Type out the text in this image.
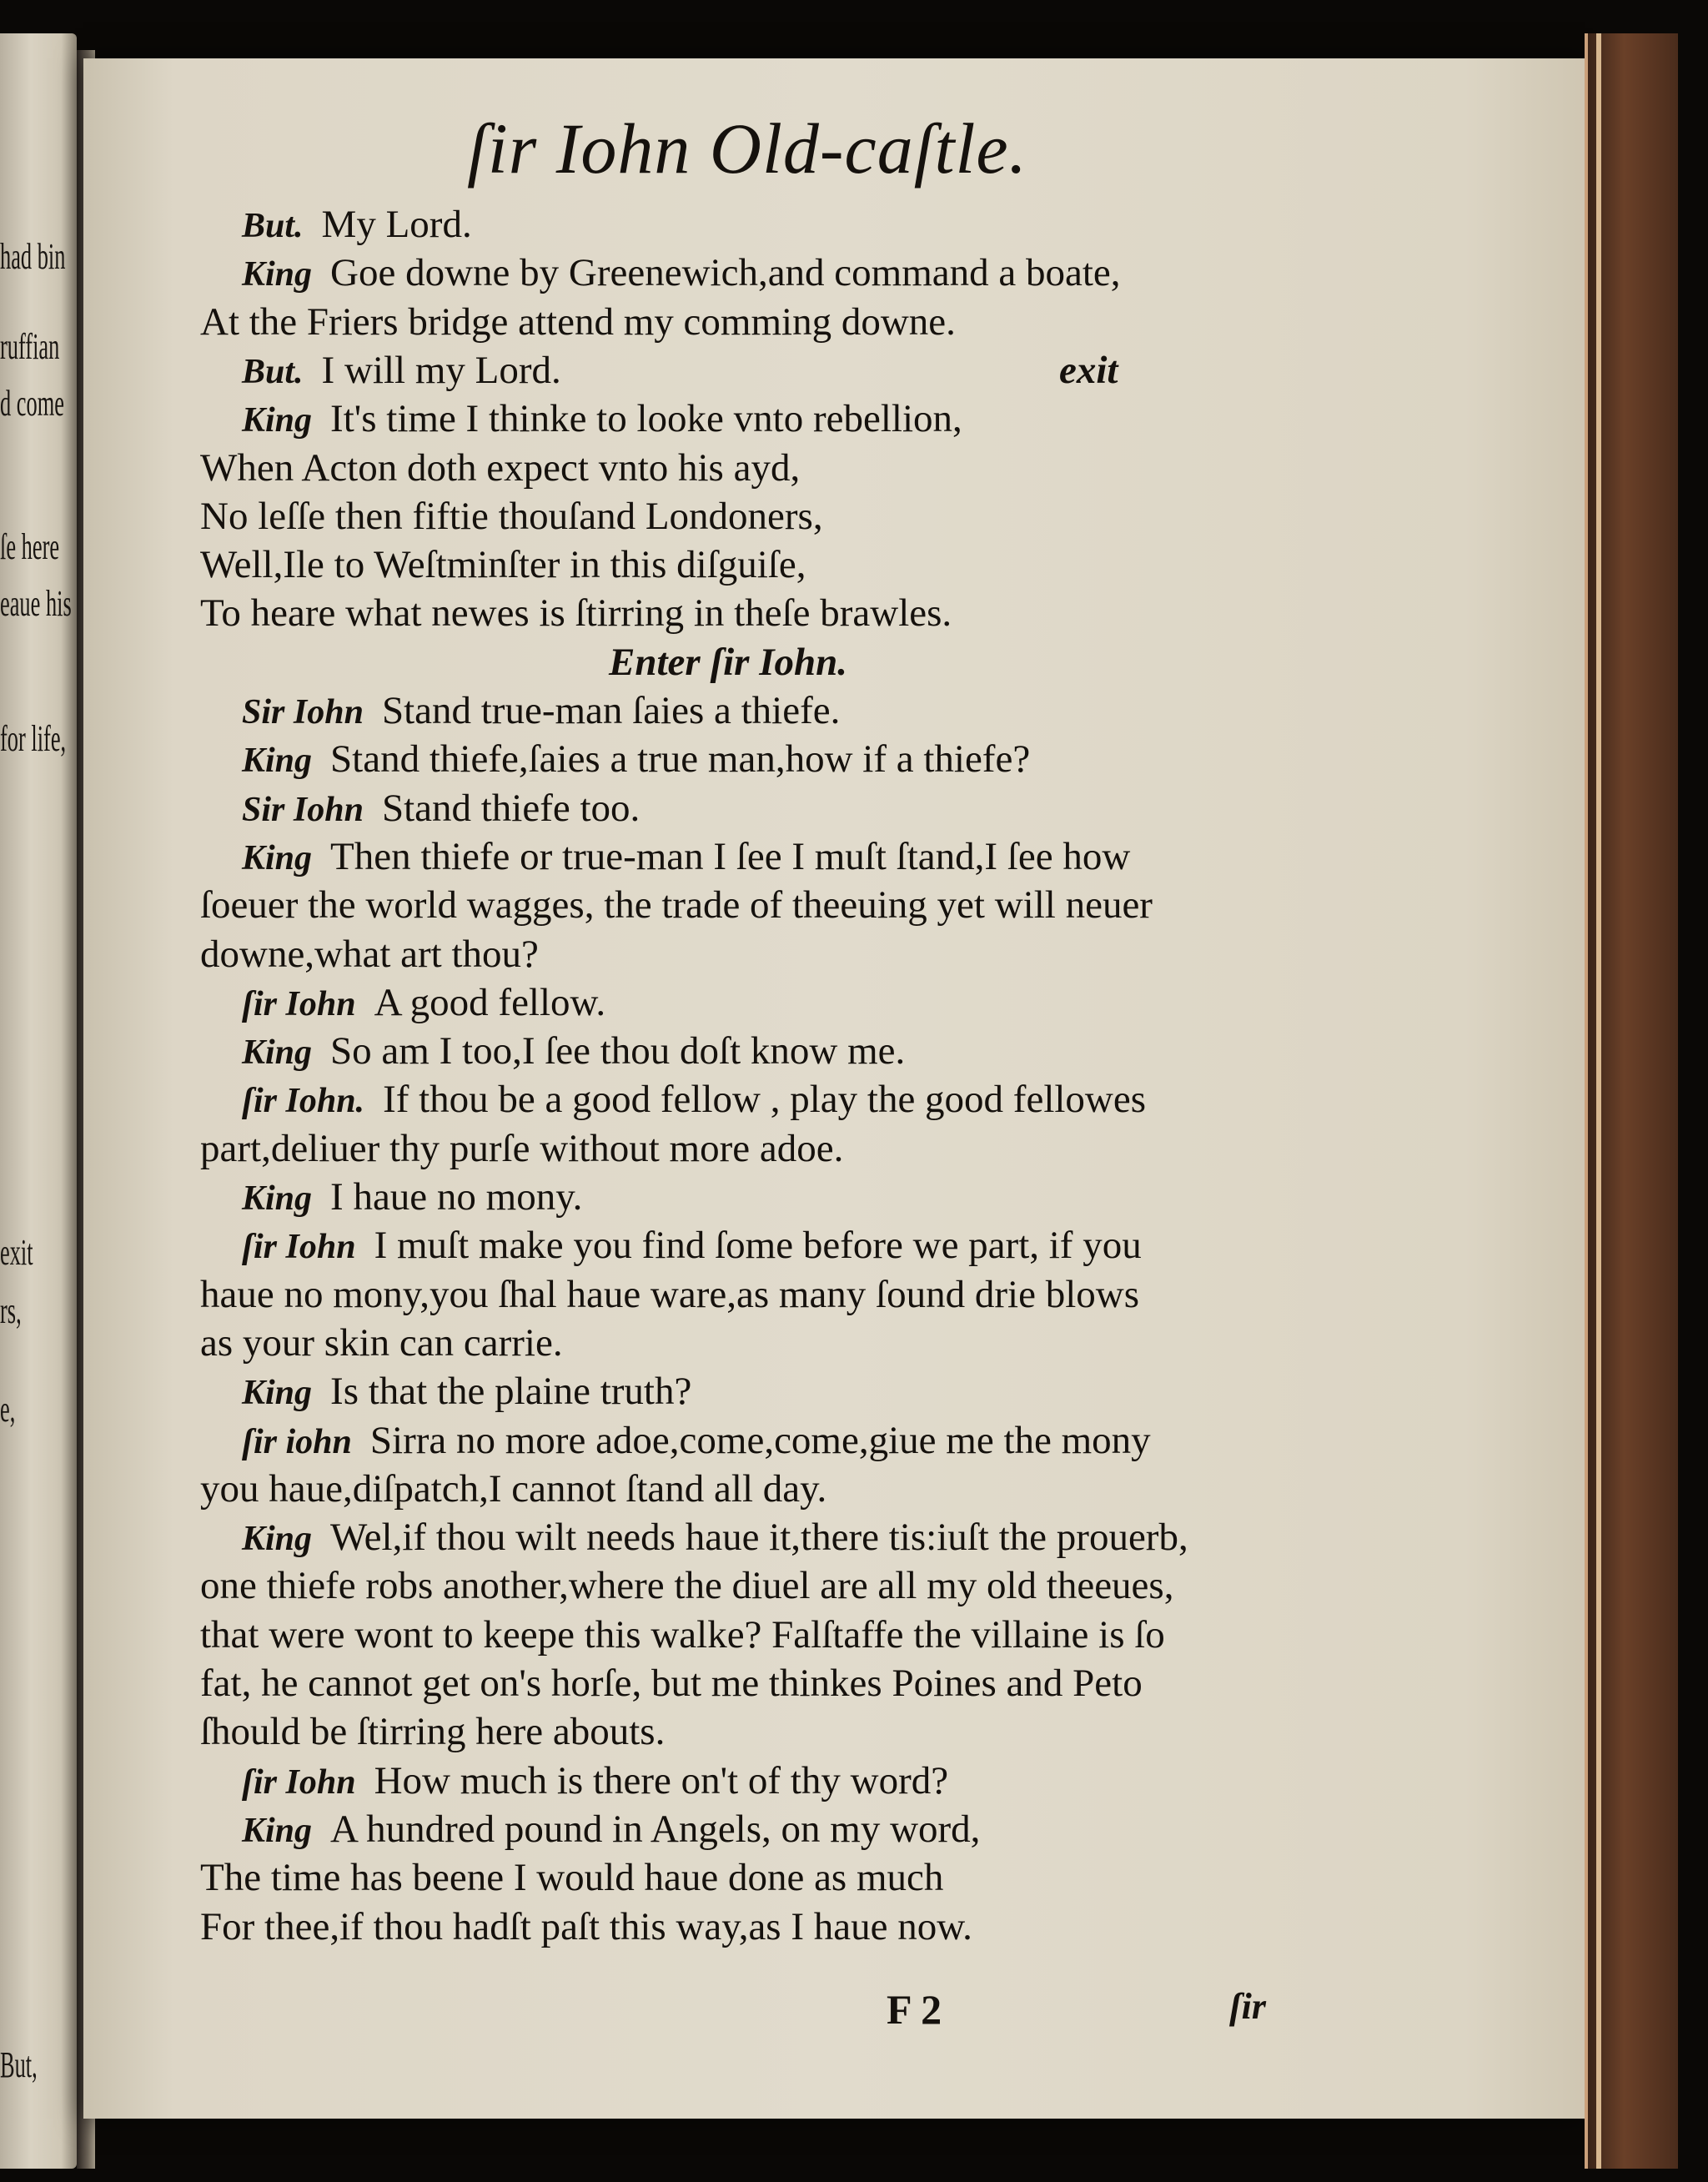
had bin
ruffian
d come
ſe here
eaue his
for life,
exit
rs,
e,
But,
ſir Iohn Old-caſtle.
But. My Lord.
King Goe downe by Greenewich,and command a boate,
At the Friers bridge attend my comming downe.
But. I will my Lord.	exit
King It's time I thinke to looke vnto rebellion,
When Acton doth expect vnto his ayd,
No leſſe then fiftie thouſand Londoners,
Well,Ile to Weſtminſter in this diſguiſe,
To heare what newes is ſtirring in theſe brawles.
Enter ſir Iohn.
Sir Iohn Stand true-man ſaies a thiefe.
King Stand thiefe,ſaies a true man,how if a thiefe?
Sir Iohn Stand thiefe too.
King Then thiefe or true-man I ſee I muſt ſtand,I ſee how
ſoeuer the world wagges, the trade of theeuing yet will neuer
downe,what art thou?
ſir Iohn A good fellow.
King So am I too,I ſee thou doſt know me.
ſir Iohn. If thou be a good fellow , play the good fellowes
part,deliuer thy purſe without more adoe.
King I haue no mony.
ſir Iohn I muſt make you find ſome before we part, if you
haue no mony,you ſhal haue ware,as many ſound drie blows
as your skin can carrie.
King Is that the plaine truth?
ſir iohn Sirra no more adoe,come,come,giue me the mony
you haue,diſpatch,I cannot ſtand all day.
King Wel,if thou wilt needs haue it,there tis:iuſt the prouerb,
one thiefe robs another,where the diuel are all my old theeues,
that were wont to keepe this walke? Falſtaffe the villaine is ſo
fat, he cannot get on's horſe, but me thinkes Poines and Peto
ſhould be ſtirring here abouts.
ſir Iohn How much is there on't of thy word?
King A hundred pound in Angels, on my word,
The time has beene I would haue done as much
For thee,if thou hadſt paſt this way,as I haue now.
F 2	ſir
